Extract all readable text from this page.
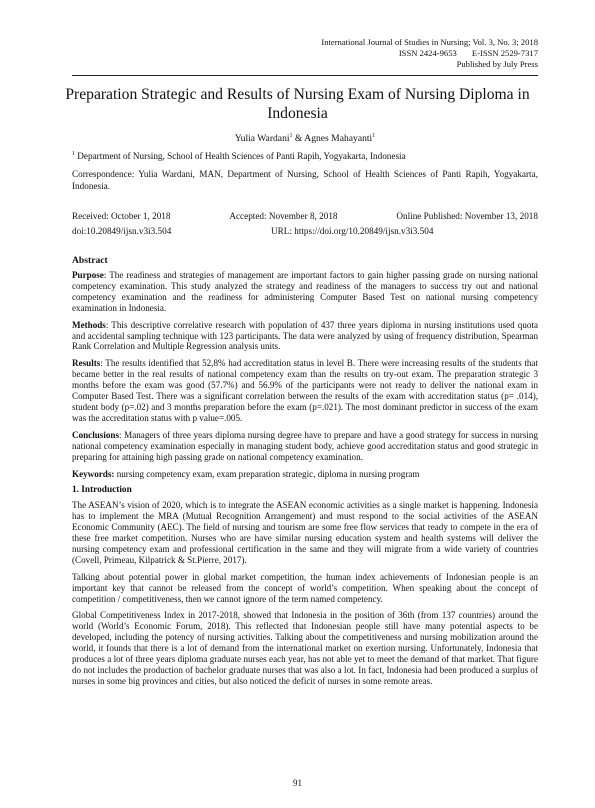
International Journal of Studies in Nursing; Vol. 3, No. 3; 2018
ISSN 2424-9653       E-ISSN 2529-7317
Published by July Press
Preparation Strategic and Results of Nursing Exam of Nursing Diploma in Indonesia
Yulia Wardani$^1$ & Agnes Mahayanti$^1$
$^1$ Department of Nursing, School of Health Sciences of Panti Rapih, Yogyakarta, Indonesia
Correspondence: Yulia Wardani, MAN, Department of Nursing, School of Health Sciences of Panti Rapih, Yogyakarta, Indonesia.
Received: October 1, 2018	Accepted: November 8, 2018	Online Published: November 13, 2018
doi:10.20849/ijsn.v3i3.504	URL: https://doi.org/10.20849/ijsn.v3i3.504
Abstract

Purpose: The readiness and strategies of management are important factors to gain higher passing grade on nursing national competency examination. This study analyzed the strategy and readiness of the managers to success try out and national competency examination and the readiness for administering Computer Based Test on national nursing competency examination in Indonesia.

Methods: This descriptive correlative research with population of 437 three years diploma in nursing institutions used quota and accidental sampling technique with 123 participants. The data were analyzed by using of frequency distribution, Spearman Rank Correlation and Multiple Regression analysis units.

Results: The results identified that 52,8% had accreditation status in level B. There were increasing results of the students that became better in the real results of national competency exam than the results on try-out exam. The preparation strategic 3 months before the exam was good (57.7%) and 56.9% of the participants were not ready to deliver the national exam in Computer Based Test. There was a significant correlation between the results of the exam with accreditation status (p= .014), student body (p=.02) and 3 months preparation before the exam (p=.021). The most dominant predictor in success of the exam was the accreditation status with p value=.005.

Conclusions: Managers of three years diploma nursing degree have to prepare and have a good strategy for success in nursing national competency examination especially in managing student body, achieve good accreditation status and good strategic in preparing for attaining high passing grade on national competency examination.

Keywords: nursing competency exam, exam preparation strategic, diploma in nursing program

1. Introduction

The ASEAN’s vision of 2020, which is to integrate the ASEAN economic activities as a single market is happening. Indonesia has to implement the MRA (Mutual Recognition Arrangement) and must respond to the social activities of the ASEAN Economic Community (AEC). The field of nursing and tourism are some free flow services that ready to compete in the era of these free market competition. Nurses who are have similar nursing education system and health systems will deliver the nursing competency exam and professional certification in the same and they will migrate from a wide variety of countries (Covell, Primeau, Kilpatrick & St.Pierre, 2017).

Talking about potential power in global market competition, the human index achievements of Indonesian people is an important key that cannot be released from the concept of world’s competition. When speaking about the concept of competition / competitiveness, then we cannot ignore of the term named competency.

Global Competitiveness Index in 2017-2018, showed that Indonesia in the position of 36th (from 137 countries) around the world (World’s Economic Forum, 2018). This reflected that Indonesian people still have many potential aspects to be developed, including the potency of nursing activities. Talking about the competitiveness and nursing mobilization around the world, it founds that there is a lot of demand from the international market on exertion nursing. Unfortunately, Indonesia that produces a lot of three years diploma graduate nurses each year, has not able yet to meet the demand of that market. That figure do not includes the production of bachelor graduate nurses that was also a lot. In fact, Indonesia had been produced a surplus of nurses in some big provinces and cities, but also noticed the deficit of nurses in some remote areas.

91
